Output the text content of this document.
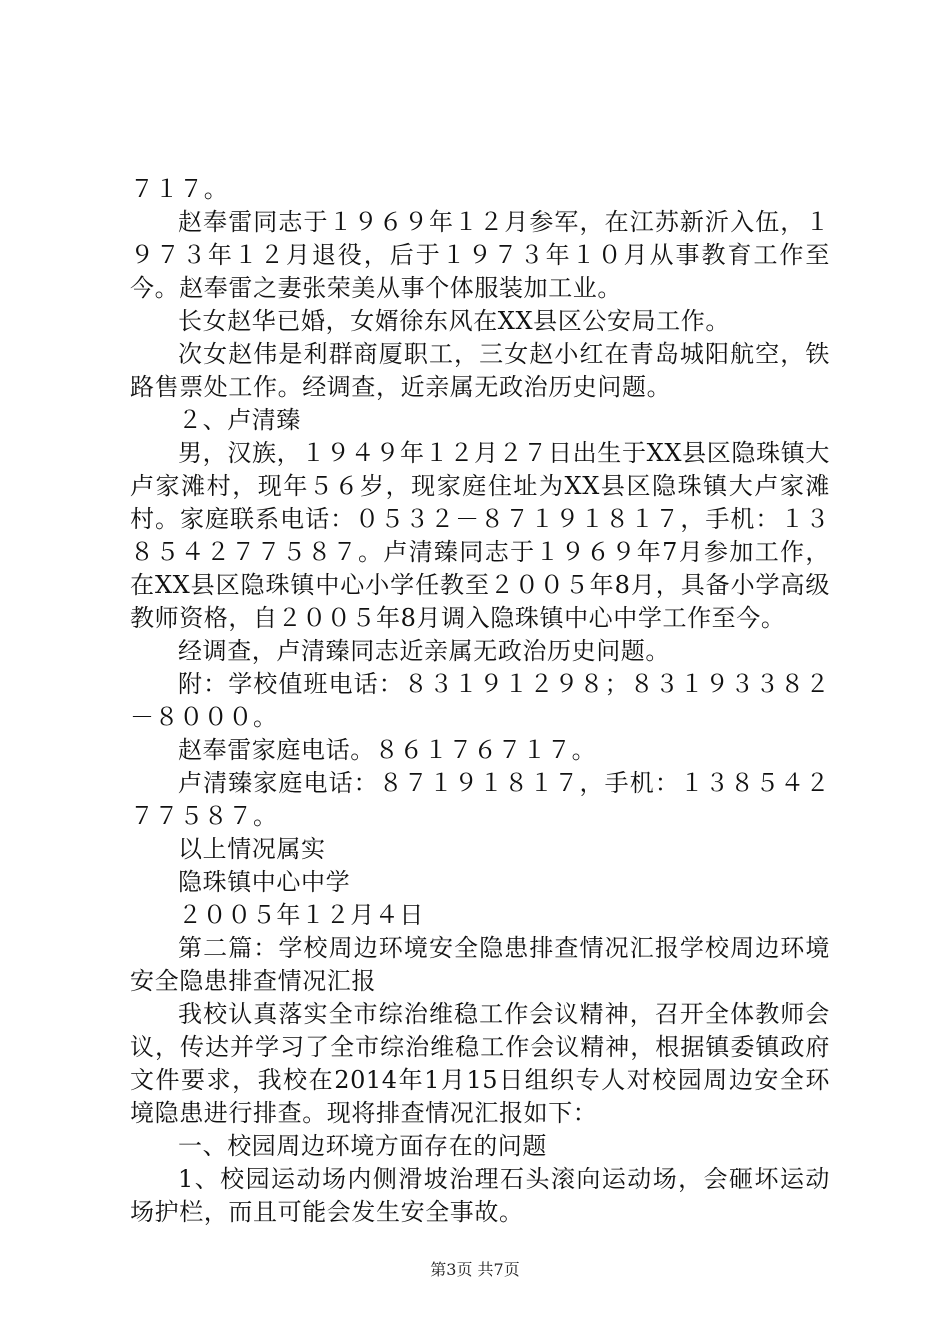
７１７。

赵奉雷同志于１９６９年１２月参军，在江苏新沂入伍，１９７３年１２月退役，后于１９７３年１０月从事教育工作至今。赵奉雷之妻张荣美从事个体服装加工业。

长女赵华已婚，女婿徐东风在XX县区公安局工作。

次女赵伟是利群商厦职工，三女赵小红在青岛城阳航空，铁路售票处工作。经调查，近亲属无政治历史问题。

２、卢清臻

男，汉族，１９４９年１２月２７日出生于XX县区隐珠镇大卢家滩村，现年５６岁，现家庭住址为XX县区隐珠镇大卢家滩村。家庭联系电话：０５３２－８７１９１８１７，手机：１３８５４２７７５８７。卢清臻同志于１９６９年7月参加工作，在XX县区隐珠镇中心小学任教至２００５年8月，具备小学高级教师资格，自２００５年8月调入隐珠镇中心中学工作至今。

经调查，卢清臻同志近亲属无政治历史问题。

附：学校值班电话：８３１９１２９８；８３１９３３８２－８０００。

赵奉雷家庭电话。８６１７６７１７。

卢清臻家庭电话：８７１９１８１７，手机：１３８５４２７７５８７。

以上情况属实

隐珠镇中心中学

２００５年１２月４日

第二篇：学校周边环境安全隐患排查情况汇报学校周边环境安全隐患排查情况汇报

我校认真落实全市综治维稳工作会议精神，召开全体教师会议，传达并学习了全市综治维稳工作会议精神，根据镇委镇政府文件要求，我校在2014年1月15日组织专人对校园周边安全环境隐患进行排查。现将排查情况汇报如下：

一、校园周边环境方面存在的问题

1、校园运动场内侧滑坡治理石头滚向运动场，会砸坏运动场护栏，而且可能会发生安全事故。

第3页 共7页
